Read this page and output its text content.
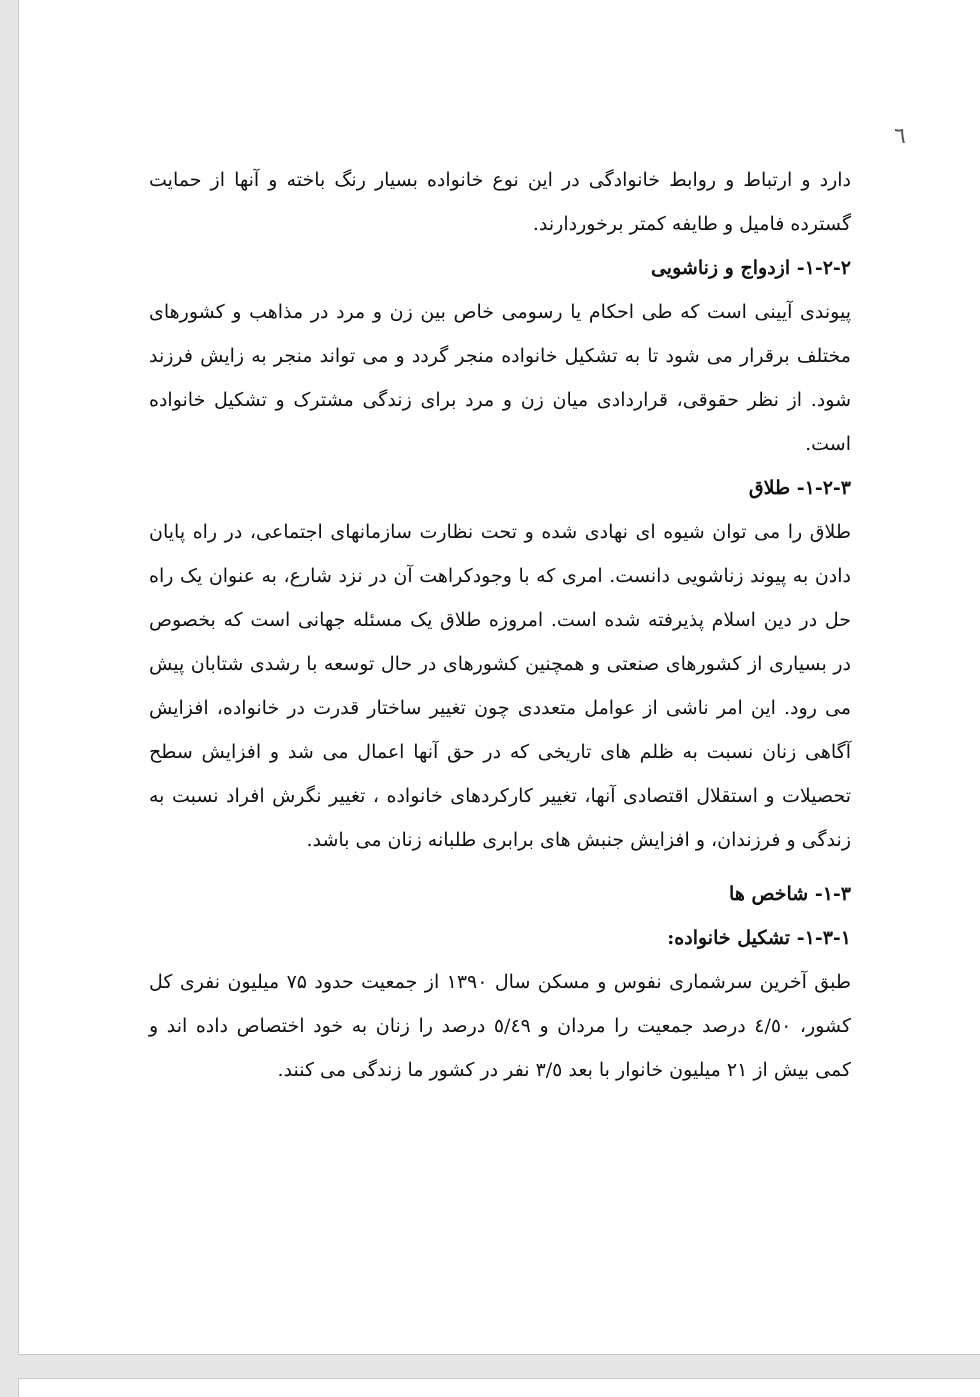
٦

دارد و ارتباط و روابط خانوادگی در این نوع خانواده بسیار رنگ باخته و آنها از حمایت گسترده فامیل و طایفه کمتر برخوردارند.

۱-۲-۲- ازدواج و زناشویی

پیوندی آیینی است که طی احکام یا رسومی خاص بین زن و مرد در مذاهب و کشورهای مختلف برقرار می شود تا به تشکیل خانواده منجر گردد و می تواند منجر به زایش فرزند شود. از نظر حقوقی، قراردادی میان زن و مرد برای زندگی مشترک و تشکیل خانواده است.

۱-۲-۳- طلاق

طلاق را می توان شیوه ای نهادی شده و تحت نظارت سازمانهای اجتماعی، در راه پایان دادن به پیوند زناشویی دانست. امری که با وجودکراهت آن در نزد شارع، به عنوان یک راه حل در دین اسلام پذیرفته شده است. امروزه طلاق یک مسئله جهانی است که بخصوص در بسیاری از کشورهای صنعتی و همچنین کشورهای در حال توسعه با رشدی شتابان پیش می رود. این امر ناشی از عوامل متعددی چون تغییر ساختار قدرت در خانواده، افزایش آگاهی زنان نسبت به ظلم های تاریخی که در حق آنها اعمال می شد و افزایش سطح تحصیلات و استقلال اقتصادی آنها، تغییر کارکردهای خانواده ، تغییر نگرش افراد نسبت به زندگی و فرزندان، و افزایش جنبش های برابری طلبانه زنان می باشد.

۱-۳- شاخص ها

۱-۳-۱- تشکیل خانواده:

طبق آخرین سرشماری نفوس و مسکن سال ۱۳۹۰ از جمعیت حدود ۷۵ میلیون نفری کل کشور، ٤/٥٠ درصد جمعیت را مردان و ٥/٤٩ درصد را زنان به خود اختصاص داده اند و کمی بیش از ۲۱ میلیون خانوار با بعد ۳/٥ نفر در کشور ما زندگی می کنند.
